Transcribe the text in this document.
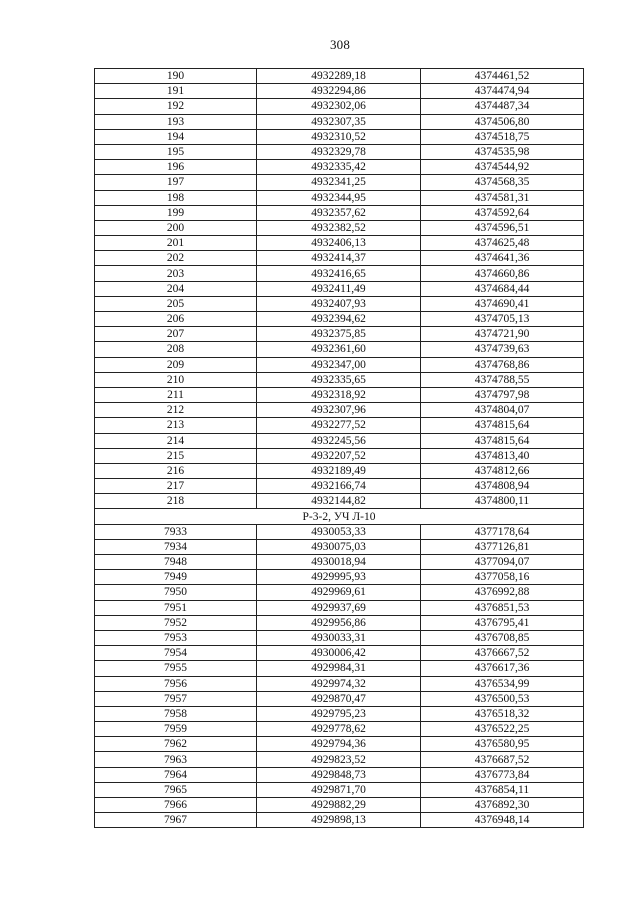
308
190	4932289,18	4374461,52
191	4932294,86	4374474,94
192	4932302,06	4374487,34
193	4932307,35	4374506,80
194	4932310,52	4374518,75
195	4932329,78	4374535,98
196	4932335,42	4374544,92
197	4932341,25	4374568,35
198	4932344,95	4374581,31
199	4932357,62	4374592,64
200	4932382,52	4374596,51
201	4932406,13	4374625,48
202	4932414,37	4374641,36
203	4932416,65	4374660,86
204	4932411,49	4374684,44
205	4932407,93	4374690,41
206	4932394,62	4374705,13
207	4932375,85	4374721,90
208	4932361,60	4374739,63
209	4932347,00	4374768,86
210	4932335,65	4374788,55
211	4932318,92	4374797,98
212	4932307,96	4374804,07
213	4932277,52	4374815,64
214	4932245,56	4374815,64
215	4932207,52	4374813,40
216	4932189,49	4374812,66
217	4932166,74	4374808,94
218	4932144,82	4374800,11
Р-3-2, УЧ Л-10		
7933	4930053,33	4377178,64
7934	4930075,03	4377126,81
7948	4930018,94	4377094,07
7949	4929995,93	4377058,16
7950	4929969,61	4376992,88
7951	4929937,69	4376851,53
7952	4929956,86	4376795,41
7953	4930033,31	4376708,85
7954	4930006,42	4376667,52
7955	4929984,31	4376617,36
7956	4929974,32	4376534,99
7957	4929870,47	4376500,53
7958	4929795,23	4376518,32
7959	4929778,62	4376522,25
7962	4929794,36	4376580,95
7963	4929823,52	4376687,52
7964	4929848,73	4376773,84
7965	4929871,70	4376854,11
7966	4929882,29	4376892,30
7967	4929898,13	4376948,14
